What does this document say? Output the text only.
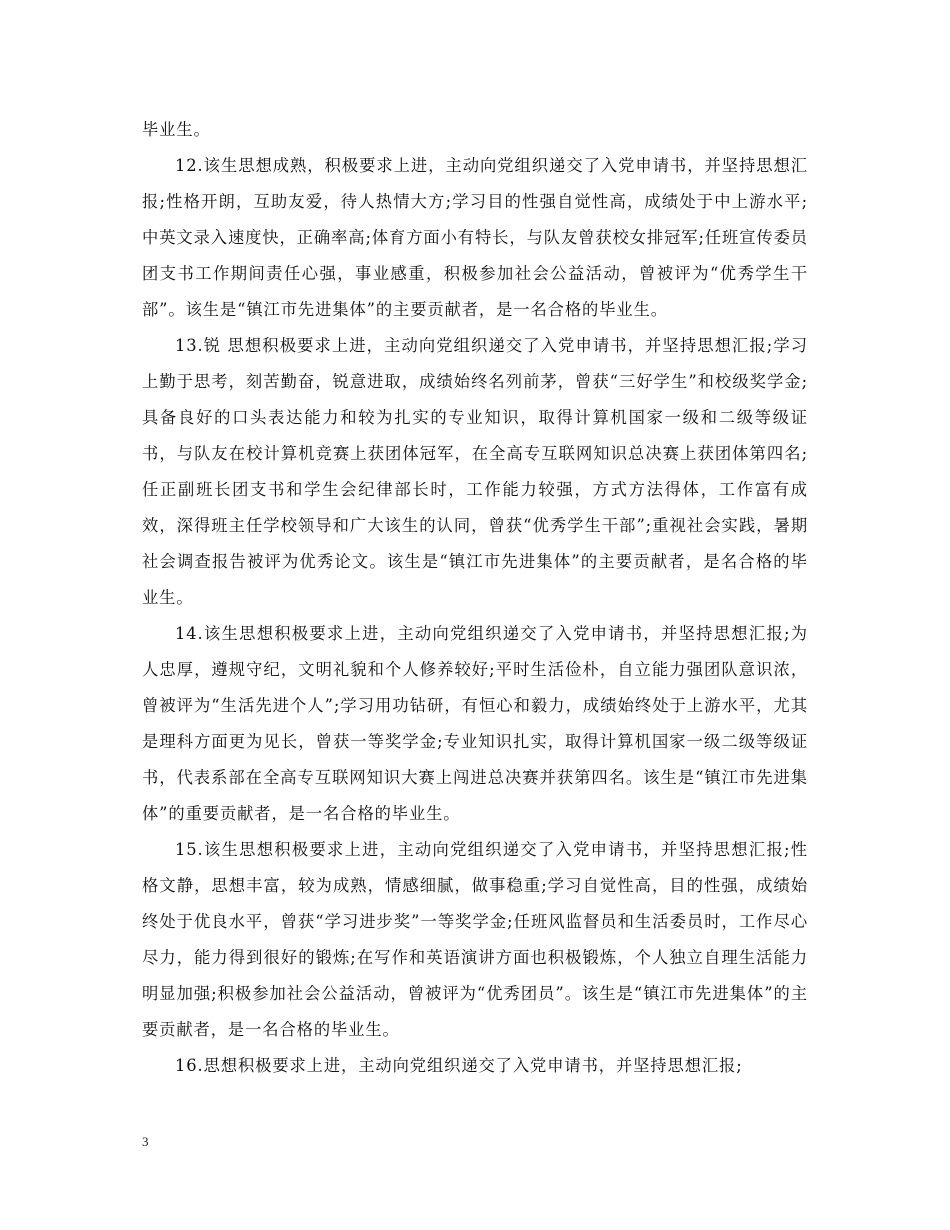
毕业生。

12.该生思想成熟，积极要求上进，主动向党组织递交了入党申请书，并坚持思想汇报;性格开朗，互助友爱，待人热情大方;学习目的性强自觉性高，成绩处于中上游水平;中英文录入速度快，正确率高;体育方面小有特长，与队友曾获校女排冠军;任班宣传委员团支书工作期间责任心强，事业感重，积极参加社会公益活动，曾被评为“优秀学生干部”。该生是“镇江市先进集体”的主要贡献者，是一名合格的毕业生。

13.锐 思想积极要求上进，主动向党组织递交了入党申请书，并坚持思想汇报;学习上勤于思考，刻苦勤奋，锐意进取，成绩始终名列前茅，曾获“三好学生”和校级奖学金;具备良好的口头表达能力和较为扎实的专业知识，取得计算机国家一级和二级等级证书，与队友在校计算机竞赛上获团体冠军，在全高专互联网知识总决赛上获团体第四名;任正副班长团支书和学生会纪律部长时，工作能力较强，方式方法得体，工作富有成效，深得班主任学校领导和广大该生的认同，曾获“优秀学生干部”;重视社会实践，暑期社会调查报告被评为优秀论文。该生是“镇江市先进集体”的主要贡献者，是名合格的毕业生。

14.该生思想积极要求上进，主动向党组织递交了入党申请书，并坚持思想汇报;为人忠厚，遵规守纪，文明礼貌和个人修养较好;平时生活俭朴，自立能力强团队意识浓，曾被评为“生活先进个人”;学习用功钻研，有恒心和毅力，成绩始终处于上游水平，尤其是理科方面更为见长，曾获一等奖学金;专业知识扎实，取得计算机国家一级二级等级证书，代表系部在全高专互联网知识大赛上闯进总决赛并获第四名。该生是“镇江市先进集体”的重要贡献者，是一名合格的毕业生。

15.该生思想积极要求上进，主动向党组织递交了入党申请书，并坚持思想汇报;性格文静，思想丰富，较为成熟，情感细腻，做事稳重;学习自觉性高，目的性强，成绩始终处于优良水平，曾获“学习进步奖”一等奖学金;任班风监督员和生活委员时，工作尽心尽力，能力得到很好的锻炼;在写作和英语演讲方面也积极锻炼，个人独立自理生活能力明显加强;积极参加社会公益活动，曾被评为“优秀团员”。该生是“镇江市先进集体”的主要贡献者，是一名合格的毕业生。

16.思想积极要求上进，主动向党组织递交了入党申请书，并坚持思想汇报;

3
